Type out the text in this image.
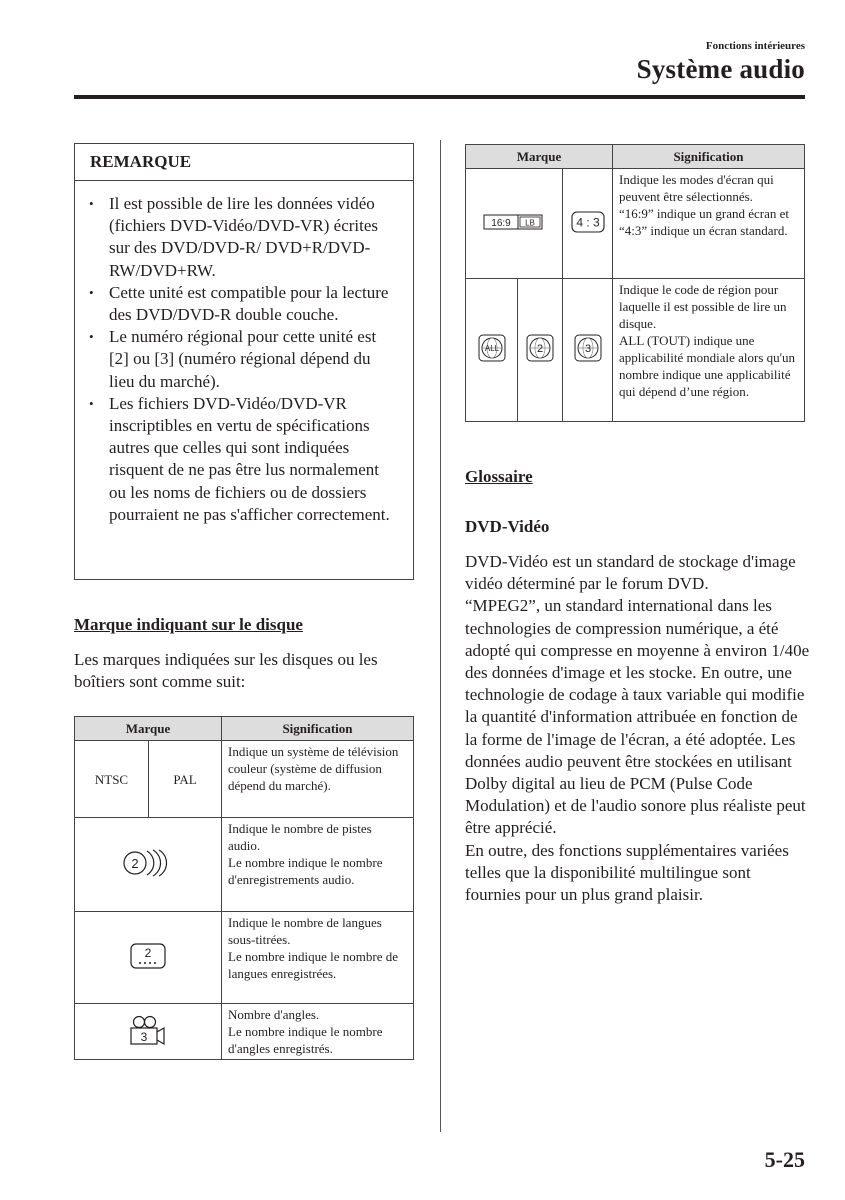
Fonctions intérieures
Système audio
REMARQUE
• Il est possible de lire les données vidéo (fichiers DVD-Vidéo/DVD-VR) écrites sur des DVD/DVD-R/ DVD+R/DVD-RW/DVD+RW.
• Cette unité est compatible pour la lecture des DVD/DVD-R double couche.
• Le numéro régional pour cette unité est [2] ou [3] (numéro régional dépend du lieu du marché).
• Les fichiers DVD-Vidéo/DVD-VR inscriptibles en vertu de spécifications autres que celles qui sont indiquées risquent de ne pas être lus normalement ou les noms de fichiers ou de dossiers pourraient ne pas s'afficher correctement.
Marque indiquant sur le disque
Les marques indiquées sur les disques ou les boîtiers sont comme suit:
Marque		Signification
NTSC	PAL	Indique un système de télévision couleur (système de diffusion dépend du marché).

2		Indique le nombre de pistes audio.
Le nombre indique le nombre d'enregistrements audio.

2		Indique le nombre de langues sous-titrées.
Le nombre indique le nombre de langues enregistrées.

3		Nombre d'angles.
Le nombre indique le nombre d'angles enregistrés.
Marque			Signification

16:9 LB		4 : 3	Indique les modes d'écran qui peuvent être sélectionnés.
“16:9” indique un grand écran et “4:3” indique un écran standard.

ALL	2	3	Indique le code de région pour laquelle il est possible de lire un disque.
ALL (TOUT) indique une applicabilité mondiale alors qu'un nombre indique une applicabilité qui dépend d’une région.
Glossaire
DVD-Vidéo
DVD-Vidéo est un standard de stockage d'image vidéo déterminé par le forum DVD.
“MPEG2”, un standard international dans les technologies de compression numérique, a été adopté qui compresse en moyenne à environ 1/40e des données d'image et les stocke. En outre, une technologie de codage à taux variable qui modifie la quantité d'information attribuée en fonction de la forme de l'image de l'écran, a été adoptée. Les données audio peuvent être stockées en utilisant Dolby digital au lieu de PCM (Pulse Code Modulation) et de l'audio sonore plus réaliste peut être apprécié.
En outre, des fonctions supplémentaires variées telles que la disponibilité multilingue sont fournies pour un plus grand plaisir.
5-25
